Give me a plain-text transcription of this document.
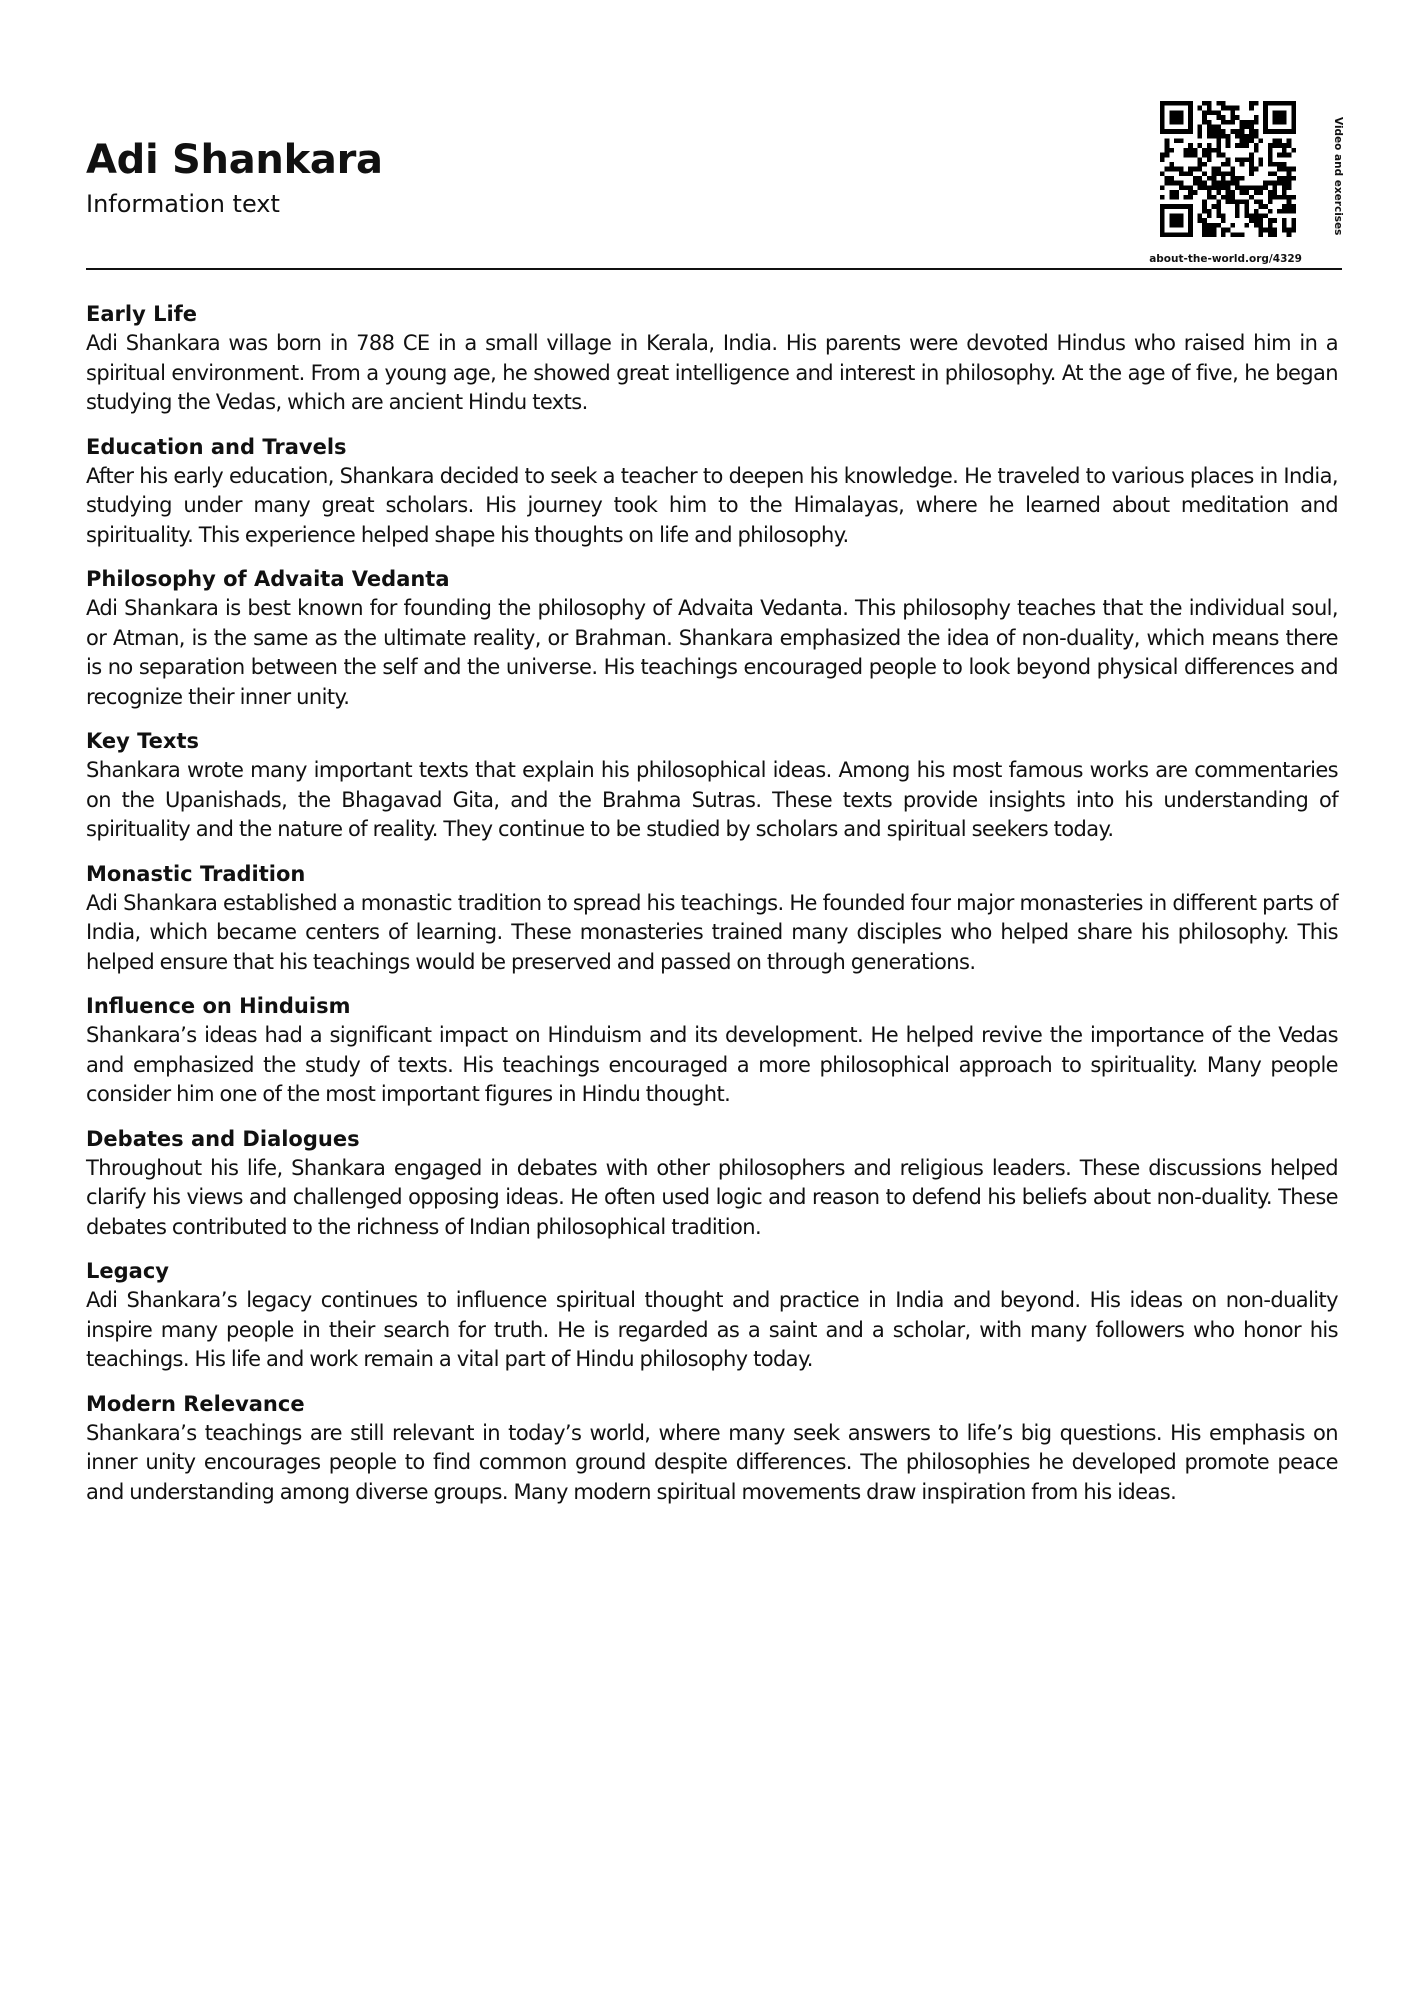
Adi Shankara
Information text	Video and exercises
about-the-world.org/4329
Early Life

Adi Shankara was born in 788 CE in a small village in Kerala, India. His parents were devoted Hindus who raised him in a spiritual environment. From a young age, he showed great intelligence and interest in philosophy. At the age of five, he began studying the Vedas, which are ancient Hindu texts.

Education and Travels

After his early education, Shankara decided to seek a teacher to deepen his knowledge. He traveled to various places in India, studying under many great scholars. His journey took him to the Himalayas, where he learned about meditation and spirituality. This experience helped shape his thoughts on life and philosophy.

Philosophy of Advaita Vedanta

Adi Shankara is best known for founding the philosophy of Advaita Vedanta. This philosophy teaches that the individual soul, or Atman, is the same as the ultimate reality, or Brahman. Shankara emphasized the idea of non-duality, which means there is no separation between the self and the universe. His teachings encouraged people to look beyond physical differences and recognize their inner unity.

Key Texts

Shankara wrote many important texts that explain his philosophical ideas. Among his most famous works are commentaries on the Upanishads, the Bhagavad Gita, and the Brahma Sutras. These texts provide insights into his understanding of spirituality and the nature of reality. They continue to be studied by scholars and spiritual seekers today.

Monastic Tradition

Adi Shankara established a monastic tradition to spread his teachings. He founded four major monasteries in different parts of India, which became centers of learning. These monasteries trained many disciples who helped share his philosophy. This helped ensure that his teachings would be preserved and passed on through generations.

Influence on Hinduism

Shankara’s ideas had a significant impact on Hinduism and its development. He helped revive the importance of the Vedas and emphasized the study of texts. His teachings encouraged a more philosophical approach to spirituality. Many people consider him one of the most important figures in Hindu thought.

Debates and Dialogues

Throughout his life, Shankara engaged in debates with other philosophers and religious leaders. These discussions helped clarify his views and challenged opposing ideas. He often used logic and reason to defend his beliefs about non-duality. These debates contributed to the richness of Indian philosophical tradition.

Legacy

Adi Shankara’s legacy continues to influence spiritual thought and practice in India and beyond. His ideas on non-duality inspire many people in their search for truth. He is regarded as a saint and a scholar, with many followers who honor his teachings. His life and work remain a vital part of Hindu philosophy today.

Modern Relevance

Shankara’s teachings are still relevant in today’s world, where many seek answers to life’s big questions. His emphasis on inner unity encourages people to find common ground despite differences. The philosophies he developed promote peace and understanding among diverse groups. Many modern spiritual movements draw inspiration from his ideas.
